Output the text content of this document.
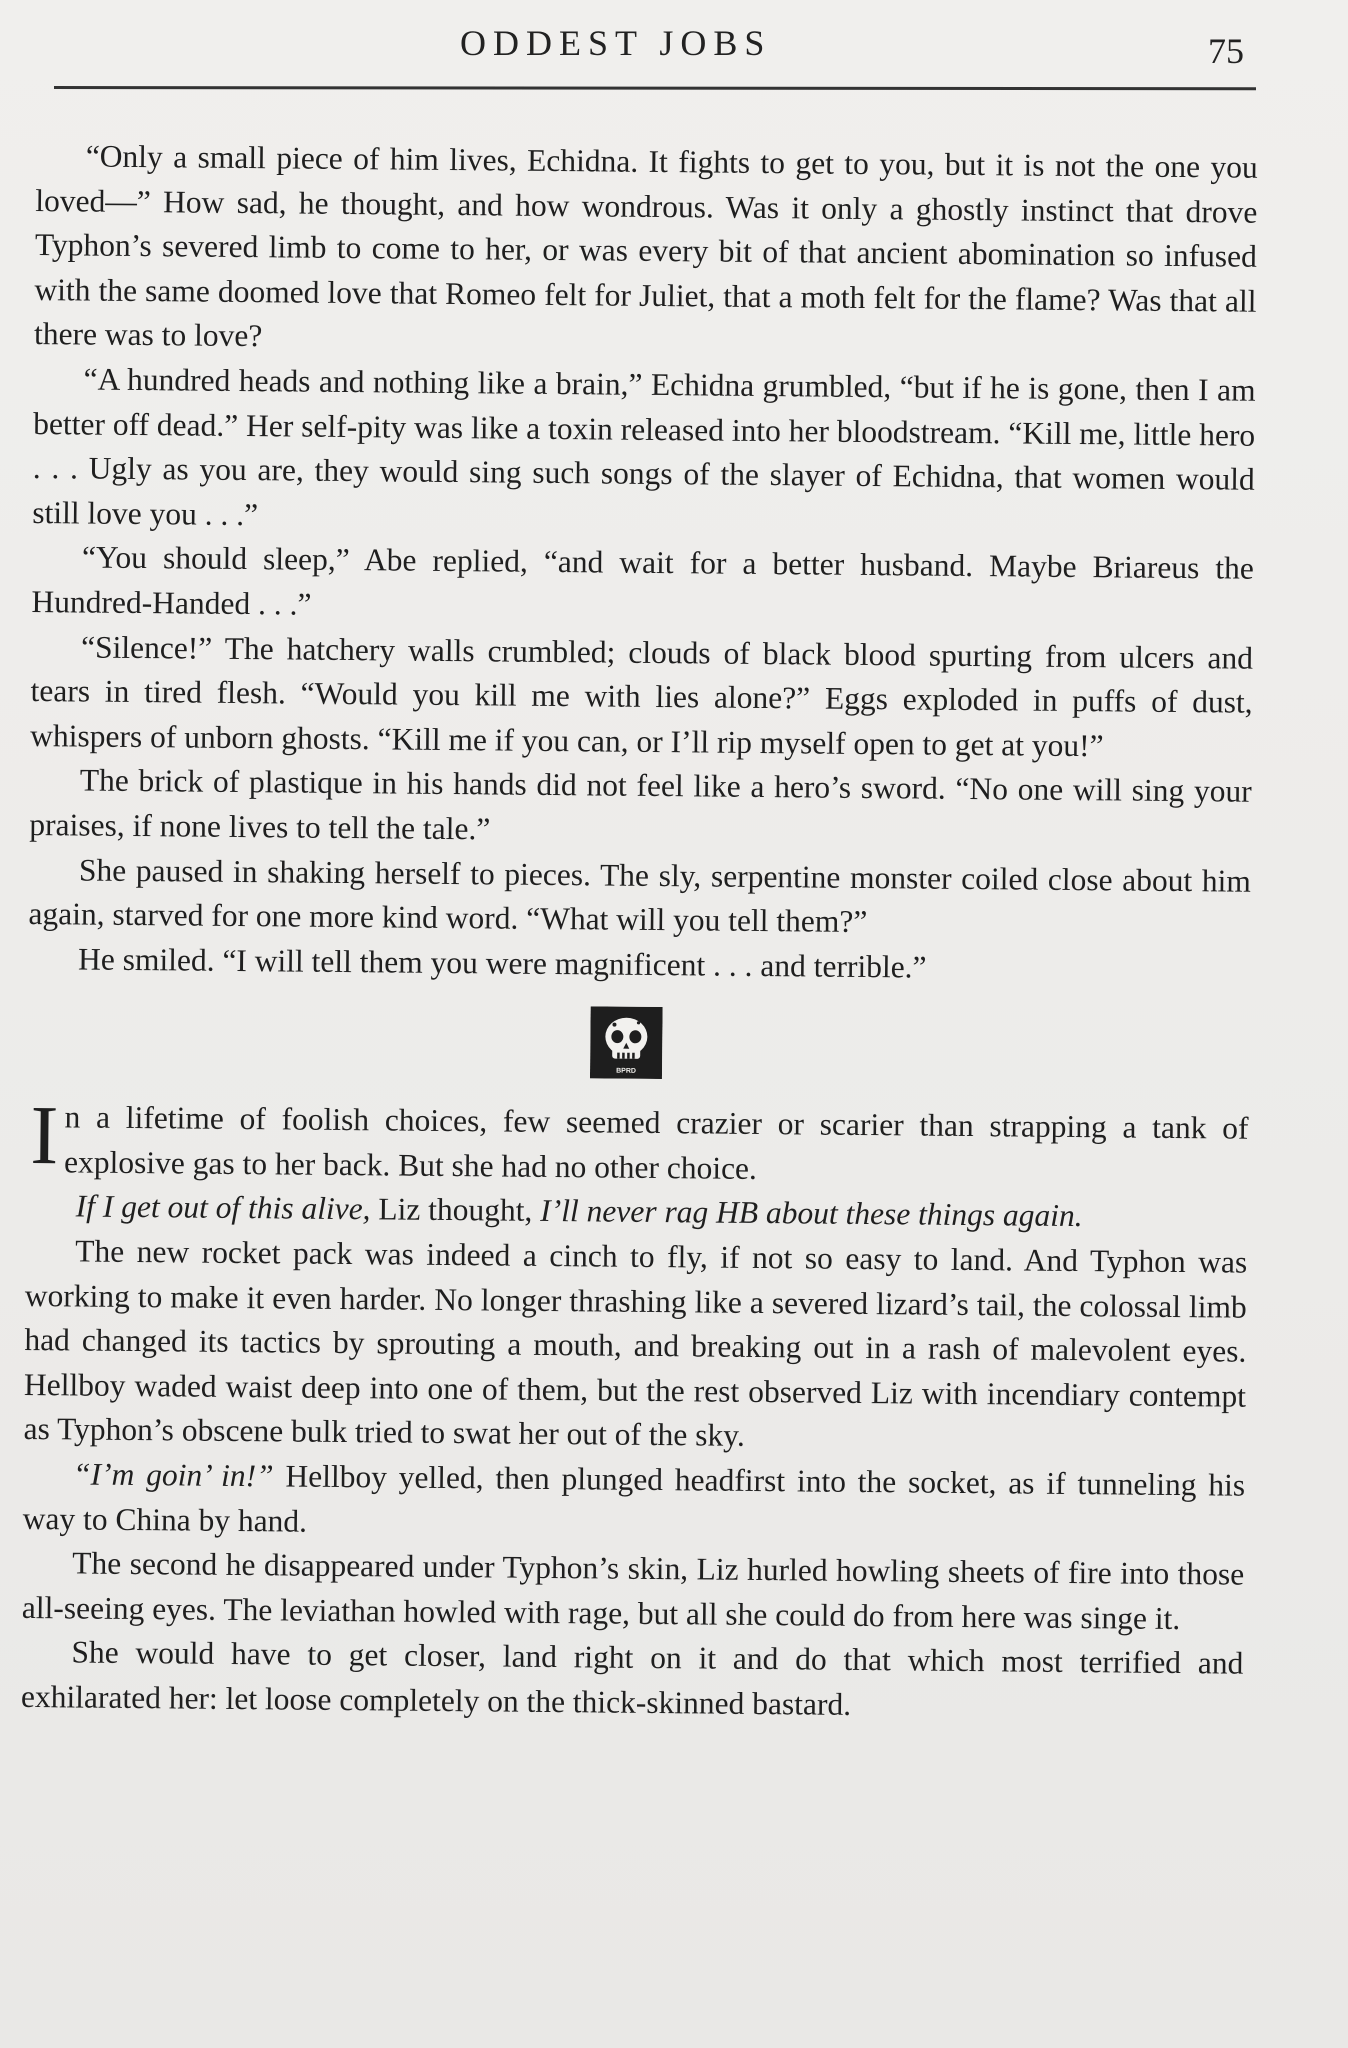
ODDEST JOBS	75

“Only a small piece of him lives, Echidna. It fights to get to you, but it is not the one you loved—” How sad, he thought, and how wondrous. Was it only a ghostly instinct that drove Typhon’s severed limb to come to her, or was every bit of that ancient abomination so infused with the same doomed love that Romeo felt for Juliet, that a moth felt for the flame? Was that all there was to love?

“A hundred heads and nothing like a brain,” Echidna grumbled, “but if he is gone, then I am better off dead.” Her self-pity was like a toxin released into her bloodstream. “Kill me, little hero . . . Ugly as you are, they would sing such songs of the slayer of Echidna, that women would still love you . . .”

“You should sleep,” Abe replied, “and wait for a better husband. Maybe Briareus the Hundred-Handed . . .”

“Silence!” The hatchery walls crumbled; clouds of black blood spurting from ulcers and tears in tired flesh. “Would you kill me with lies alone?” Eggs exploded in puffs of dust, whispers of unborn ghosts. “Kill me if you can, or I’ll rip myself open to get at you!”

The brick of plastique in his hands did not feel like a hero’s sword. “No one will sing your praises, if none lives to tell the tale.”

She paused in shaking herself to pieces. The sly, serpentine monster coiled close about him again, starved for one more kind word. “What will you tell them?”

He smiled. “I will tell them you were magnificent . . . and terrible.”

BPRD

In a lifetime of foolish choices, few seemed crazier or scarier than strapping a tank of explosive gas to her back. But she had no other choice.

If I get out of this alive, Liz thought, I’ll never rag HB about these things again.

The new rocket pack was indeed a cinch to fly, if not so easy to land. And Typhon was working to make it even harder. No longer thrashing like a severed lizard’s tail, the colossal limb had changed its tactics by sprouting a mouth, and breaking out in a rash of malevolent eyes. Hellboy waded waist deep into one of them, but the rest observed Liz with incendiary contempt as Typhon’s obscene bulk tried to swat her out of the sky.

“I’m goin’ in!” Hellboy yelled, then plunged headfirst into the socket, as if tunneling his way to China by hand.

The second he disappeared under Typhon’s skin, Liz hurled howling sheets of fire into those all-seeing eyes. The leviathan howled with rage, but all she could do from here was singe it.

She would have to get closer, land right on it and do that which most terrified and exhilarated her: let loose completely on the thick-skinned bastard.
